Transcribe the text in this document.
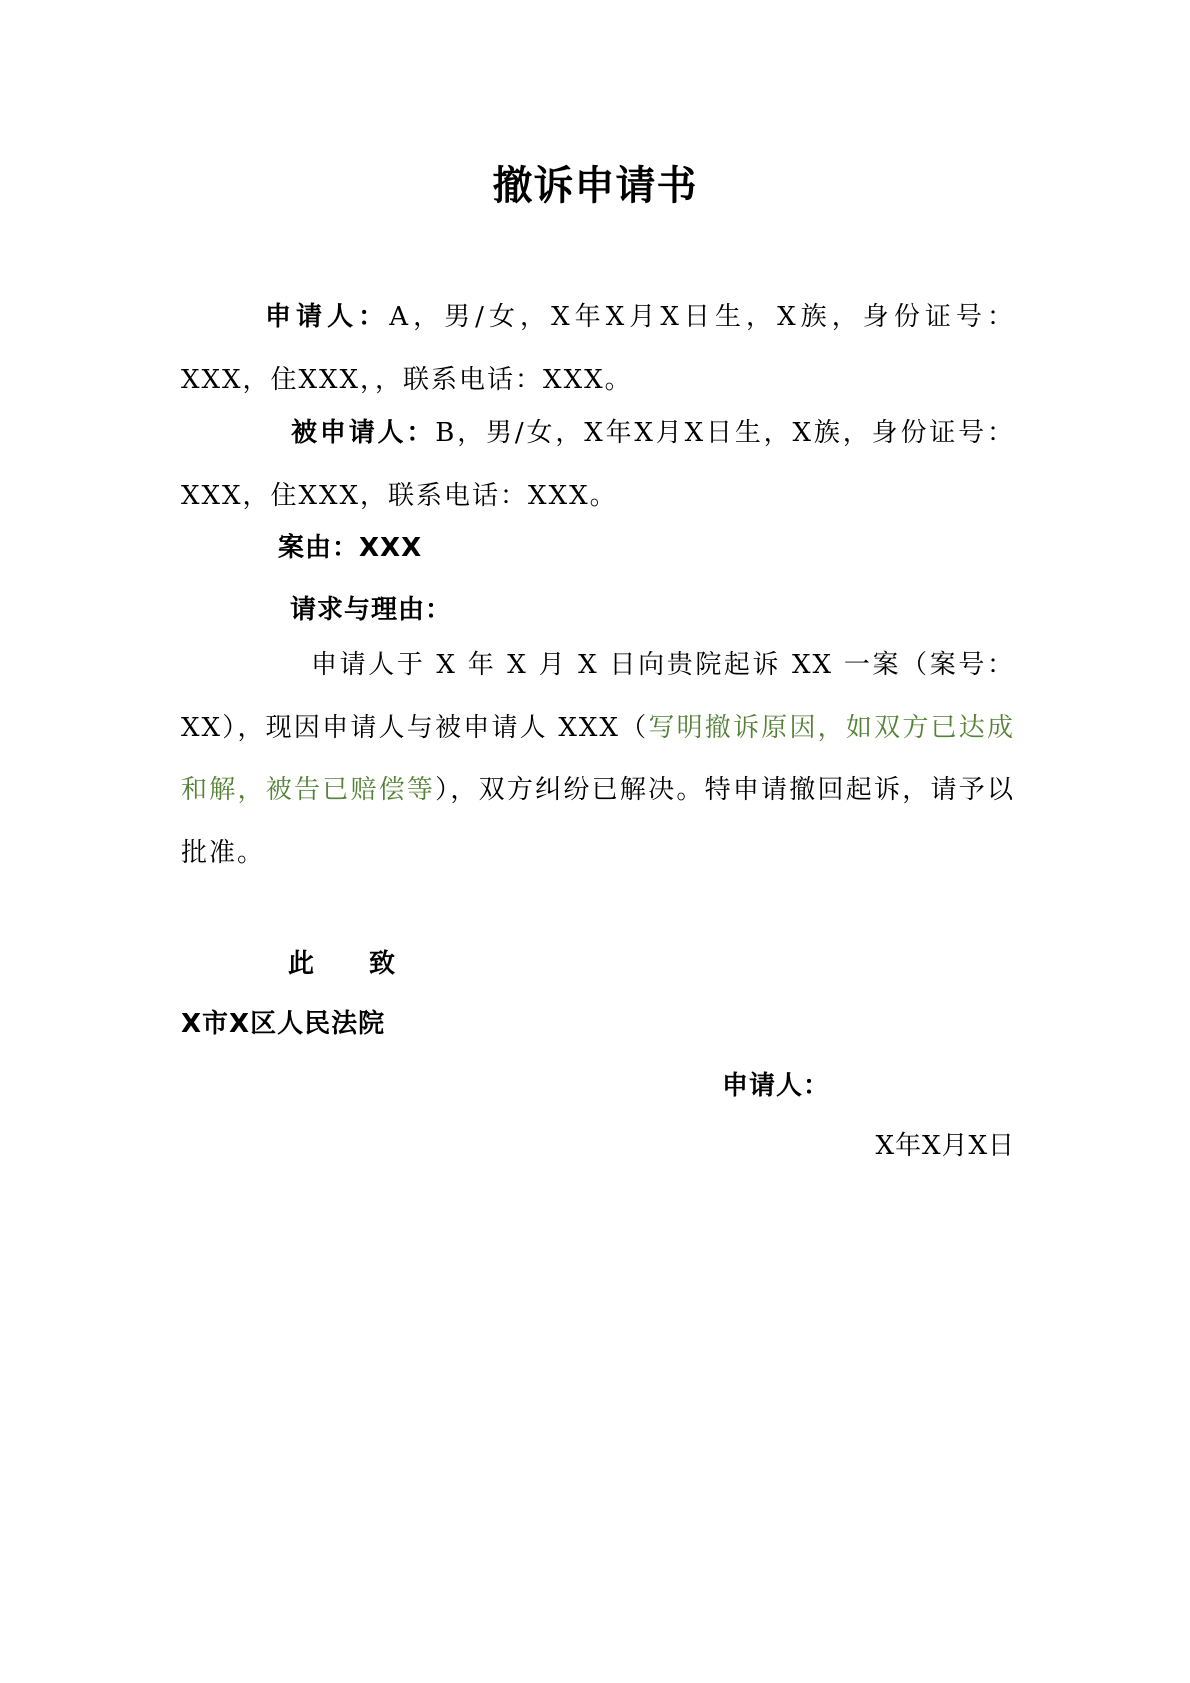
撤诉申请书
申请人：A，男/女，X年X月X日生，X族，身份证号：XXX，住XXX，，联系电话：XXX。
被申请人：B，男/女，X年X月X日生，X族，身份证号：XXX，住XXX，联系电话：XXX。
案由：XXX
请求与理由：
申请人于 X 年 X 月 X 日向贵院起诉 XX 一案（案号：XX），现因申请人与被申请人 XXX（写明撤诉原因，如双方已达成和解，被告已赔偿等），双方纠纷已解决。特申请撤回起诉，请予以批准。
此 致
X市X区人民法院
申请人：
X年X月X日
